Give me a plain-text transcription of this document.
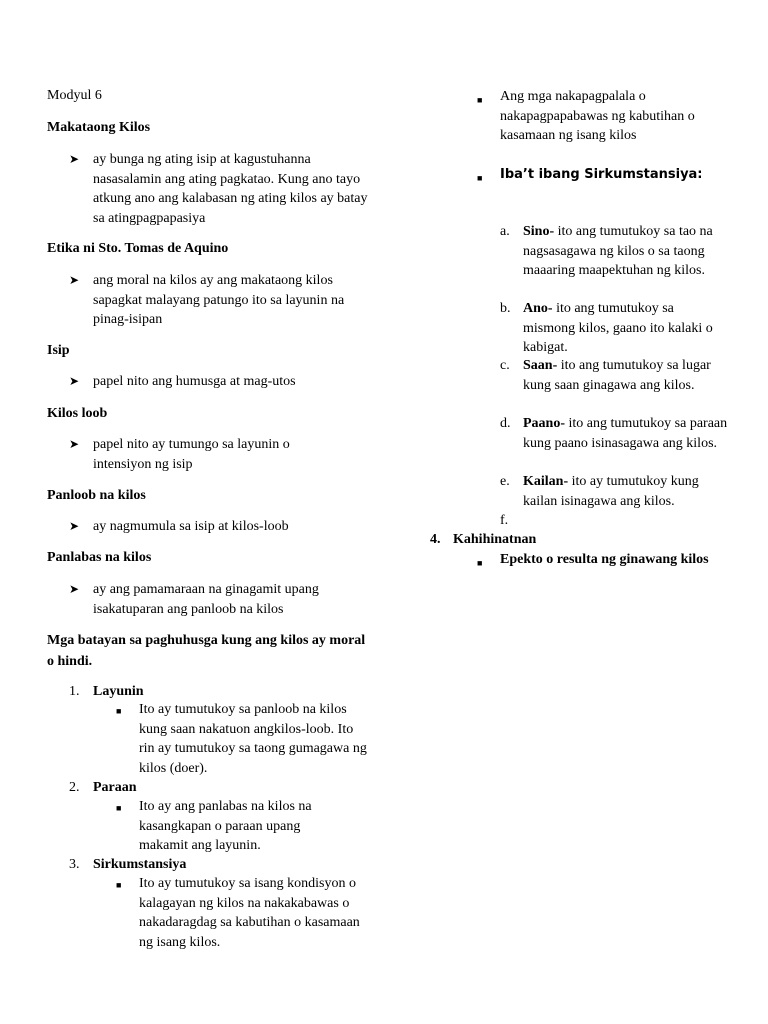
Modyul 6
Makataong Kilos
➤ ay bunga ng ating isip at kagustuhanna nasasalamin ang ating pagkatao. Kung ano tayo atkung ano ang kalabasan ng ating kilos ay batay sa atingpagpapasiya
Etika ni Sto. Tomas de Aquino
➤ ang moral na kilos ay ang makataong kilos sapagkat malayang patungo ito sa layunin na pinag-isipan
Isip
➤ papel nito ang humusga at mag-utos
Kilos loob
➤ papel nito ay tumungo sa layunin o intensiyon ng isip
Panloob na kilos
➤ ay nagmumula sa isip at kilos-loob
Panlabas na kilos
➤ ay ang pamamaraan na ginagamit upang isakatuparan ang panloob na kilos
Mga batayan sa paghuhusga kung ang kilos ay moral o hindi.
1. Layunin
■ Ito ay tumutukoy sa panloob na kilos kung saan nakatuon angkilos-loob. Ito rin ay tumutukoy sa taong gumagawa ng kilos (doer).
2. Paraan
■ Ito ay ang panlabas na kilos na kasangkapan o paraan upang makamit ang layunin.
3. Sirkumstansiya
■ Ito ay tumutukoy sa isang kondisyon o kalagayan ng kilos na nakakabawas o nakadaragdag sa kabutihan o kasamaan ng isang kilos.
■ Ang mga nakapagpalala o nakapagpapabawas ng kabutihan o kasamaan ng isang kilos
■ Iba’t ibang Sirkumstansiya:
a. Sino- ito ang tumutukoy sa tao na nagsasagawa ng kilos o sa taong maaaring maapektuhan ng kilos.
b. Ano- ito ang tumutukoy sa mismong kilos, gaano ito kalaki o kabigat.
c. Saan- ito ang tumutukoy sa lugar kung saan ginagawa ang kilos.
d. Paano- ito ang tumutukoy sa paraan kung paano isinasagawa ang kilos.
e. Kailan- ito ay tumutukoy kung kailan isinagawa ang kilos.
f.
4. Kahihinatnan
■ Epekto o resulta ng ginawang kilos
